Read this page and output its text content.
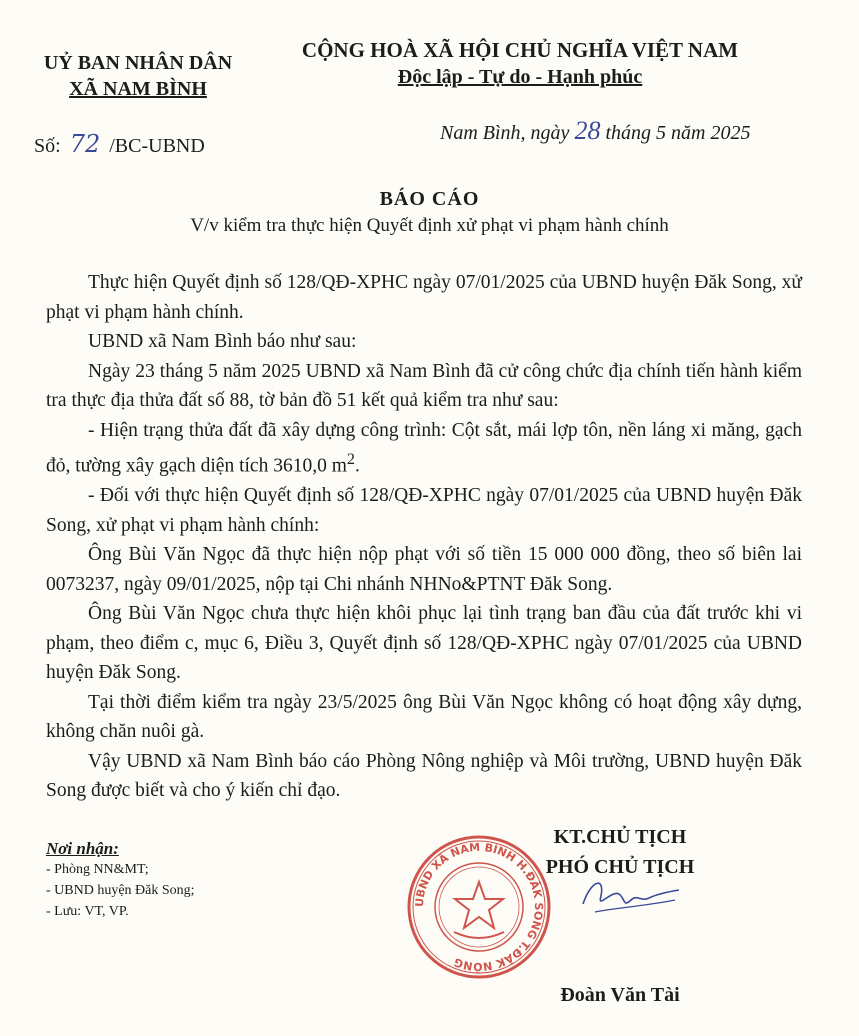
UỶ BAN NHÂN DÂN
XÃ NAM BÌNH
CỘNG HOÀ XÃ HỘI CHỦ NGHĨA VIỆT NAM
Độc lập - Tự do - Hạnh phúc
Số: 72 /BC-UBND
Nam Bình, ngày 28 tháng 5 năm 2025
BÁO CÁO
V/v kiểm tra thực hiện Quyết định xử phạt vi phạm hành chính

Thực hiện Quyết định số 128/QĐ-XPHC ngày 07/01/2025 của UBND huyện Đăk Song, xử phạt vi phạm hành chính.

UBND xã Nam Bình báo như sau:

Ngày 23 tháng 5 năm 2025 UBND xã Nam Bình đã cử công chức địa chính tiến hành kiểm tra thực địa thửa đất số 88, tờ bản đồ 51 kết quả kiểm tra như sau:

- Hiện trạng thửa đất đã xây dựng công trình: Cột sắt, mái lợp tôn, nền láng xi măng, gạch đỏ, tường xây gạch diện tích 3610,0 $m^2$.

- Đối với thực hiện Quyết định số 128/QĐ-XPHC ngày 07/01/2025 của UBND huyện Đăk Song, xử phạt vi phạm hành chính:

Ông Bùi Văn Ngọc đã thực hiện nộp phạt với số tiền 15 000 000 đồng, theo số biên lai 0073237, ngày 09/01/2025, nộp tại Chi nhánh NHNo&PTNT Đăk Song.

Ông Bùi Văn Ngọc chưa thực hiện khôi phục lại tình trạng ban đầu của đất trước khi vi phạm, theo điểm c, mục 6, Điều 3, Quyết định số 128/QĐ-XPHC ngày 07/01/2025 của UBND huyện Đăk Song.

Tại thời điểm kiểm tra ngày 23/5/2025 ông Bùi Văn Ngọc không có hoạt động xây dựng, không chăn nuôi gà.

Vậy UBND xã Nam Bình báo cáo Phòng Nông nghiệp và Môi trường, UBND huyện Đăk Song được biết và cho ý kiến chỉ đạo.

Nơi nhận:
- Phòng NN&MT;
- UBND huyện Đăk Song;
- Lưu: VT, VP.
UBND XÃ NAM BÌNH H.ĐĂK SONG T.ĐĂK NÔNG
KT.CHỦ TỊCH
PHÓ CHỦ TỊCH
Đoàn Văn Tài
